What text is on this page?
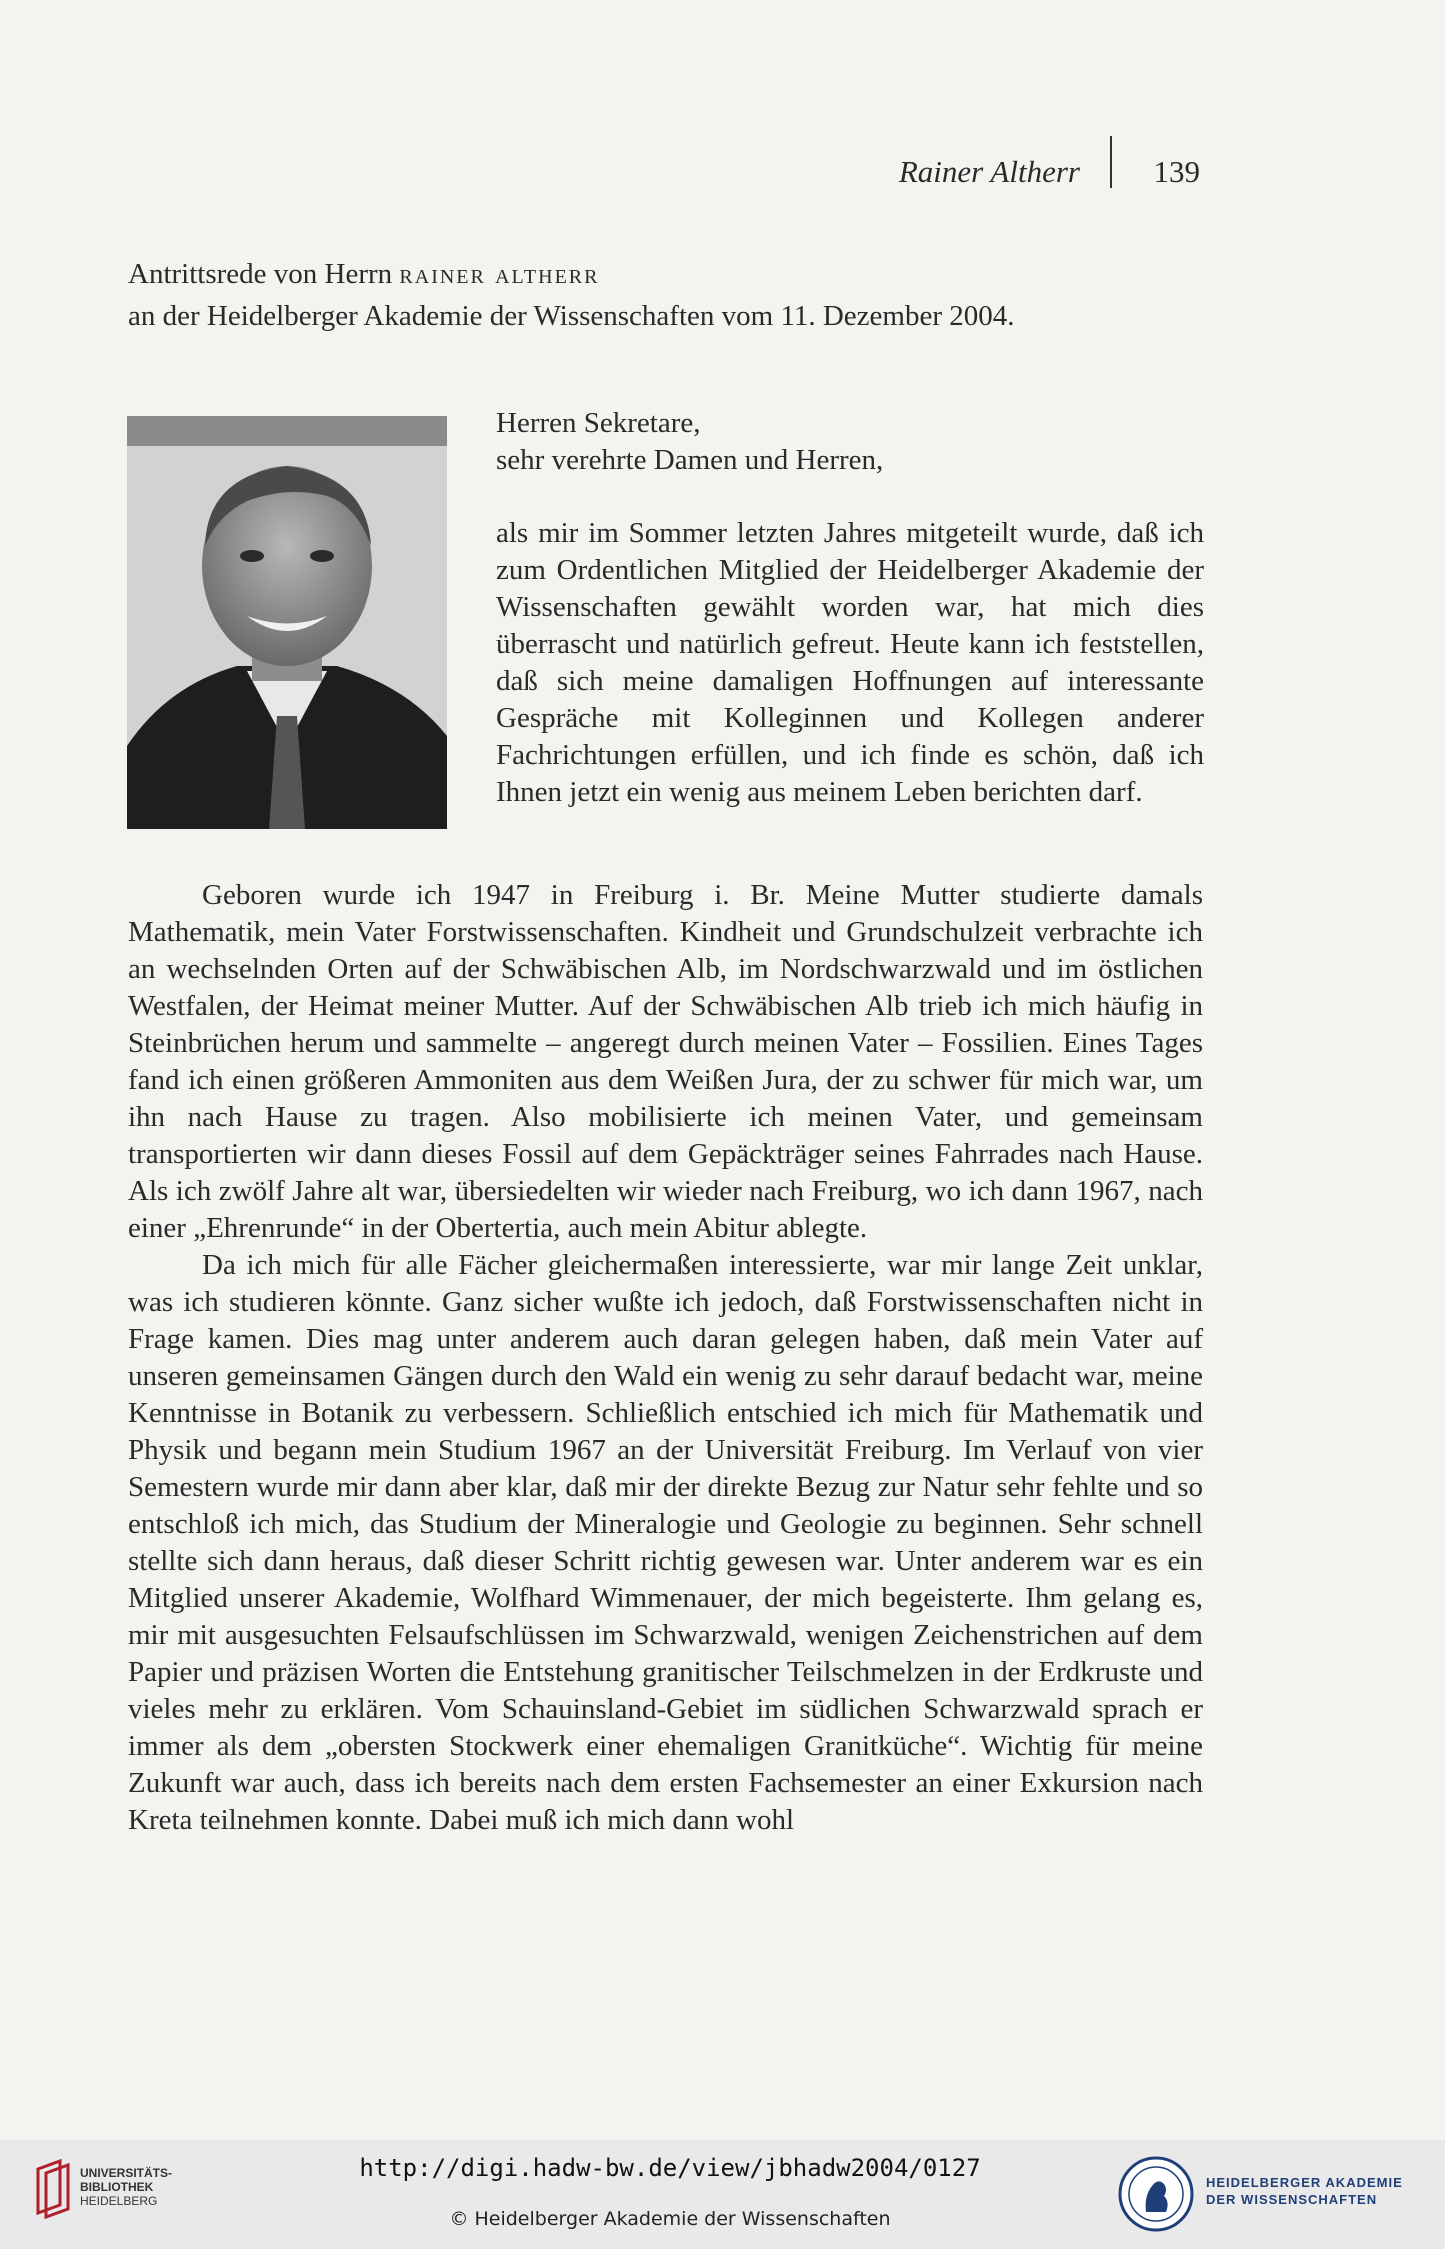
Rainer Altherr 139
Antrittsrede von Herrn rainer altherr
an der Heidelberger Akademie der Wissenschaften vom 11. Dezember 2004.

Herren Sekretare,

sehr verehrte Damen und Herren,

als mir im Sommer letzten Jahres mitgeteilt wurde, daß ich zum Ordentlichen Mitglied der Heidelberger Akademie der Wissenschaften gewählt worden war, hat mich dies überrascht und natürlich gefreut. Heute kann ich feststellen, daß sich meine damaligen Hoffnungen auf interessante Gespräche mit Kolleginnen und Kollegen anderer Fachrichtungen erfüllen, und ich finde es schön, daß ich Ihnen jetzt ein wenig aus meinem Leben berichten darf.

Geboren wurde ich 1947 in Freiburg i. Br. Meine Mutter studierte damals Mathematik, mein Vater Forstwissenschaften. Kindheit und Grundschulzeit verbrachte ich an wechselnden Orten auf der Schwäbischen Alb, im Nordschwarzwald und im östlichen Westfalen, der Heimat meiner Mutter. Auf der Schwäbischen Alb trieb ich mich häufig in Steinbrüchen herum und sammelte – angeregt durch meinen Vater – Fossilien. Eines Tages fand ich einen größeren Ammoniten aus dem Weißen Jura, der zu schwer für mich war, um ihn nach Hause zu tragen. Also mobilisierte ich meinen Vater, und gemeinsam transportierten wir dann dieses Fossil auf dem Gepäckträger seines Fahrrades nach Hause. Als ich zwölf Jahre alt war, übersiedelten wir wieder nach Freiburg, wo ich dann 1967, nach einer „Ehrenrunde“ in der Obertertia, auch mein Abitur ablegte.

Da ich mich für alle Fächer gleichermaßen interessierte, war mir lange Zeit unklar, was ich studieren könnte. Ganz sicher wußte ich jedoch, daß Forstwissenschaften nicht in Frage kamen. Dies mag unter anderem auch daran gelegen haben, daß mein Vater auf unseren gemeinsamen Gängen durch den Wald ein wenig zu sehr darauf bedacht war, meine Kenntnisse in Botanik zu verbessern. Schließlich entschied ich mich für Mathematik und Physik und begann mein Studium 1967 an der Universität Freiburg. Im Verlauf von vier Semestern wurde mir dann aber klar, daß mir der direkte Bezug zur Natur sehr fehlte und so entschloß ich mich, das Studium der Mineralogie und Geologie zu beginnen. Sehr schnell stellte sich dann heraus, daß dieser Schritt richtig gewesen war. Unter anderem war es ein Mitglied unserer Akademie, Wolfhard Wimmenauer, der mich begeisterte. Ihm gelang es, mir mit ausgesuchten Felsaufschlüssen im Schwarzwald, wenigen Zeichenstrichen auf dem Papier und präzisen Worten die Entstehung granitischer Teilschmelzen in der Erdkruste und vieles mehr zu erklären. Vom Schauinsland-Gebiet im südlichen Schwarzwald sprach er immer als dem „obersten Stockwerk einer ehemaligen Granitküche“. Wichtig für meine Zukunft war auch, dass ich bereits nach dem ersten Fachsemester an einer Exkursion nach Kreta teilnehmen konnte. Dabei muß ich mich dann wohl

UNIVERSITÄTS-
BIBLIOTHEK
HEIDELBERG
http://digi.hadw-bw.de/view/jbhadw2004/0127
© Heidelberger Akademie der Wissenschaften
HEIDELBERGER AKADEMIE
DER WISSENSCHAFTEN
